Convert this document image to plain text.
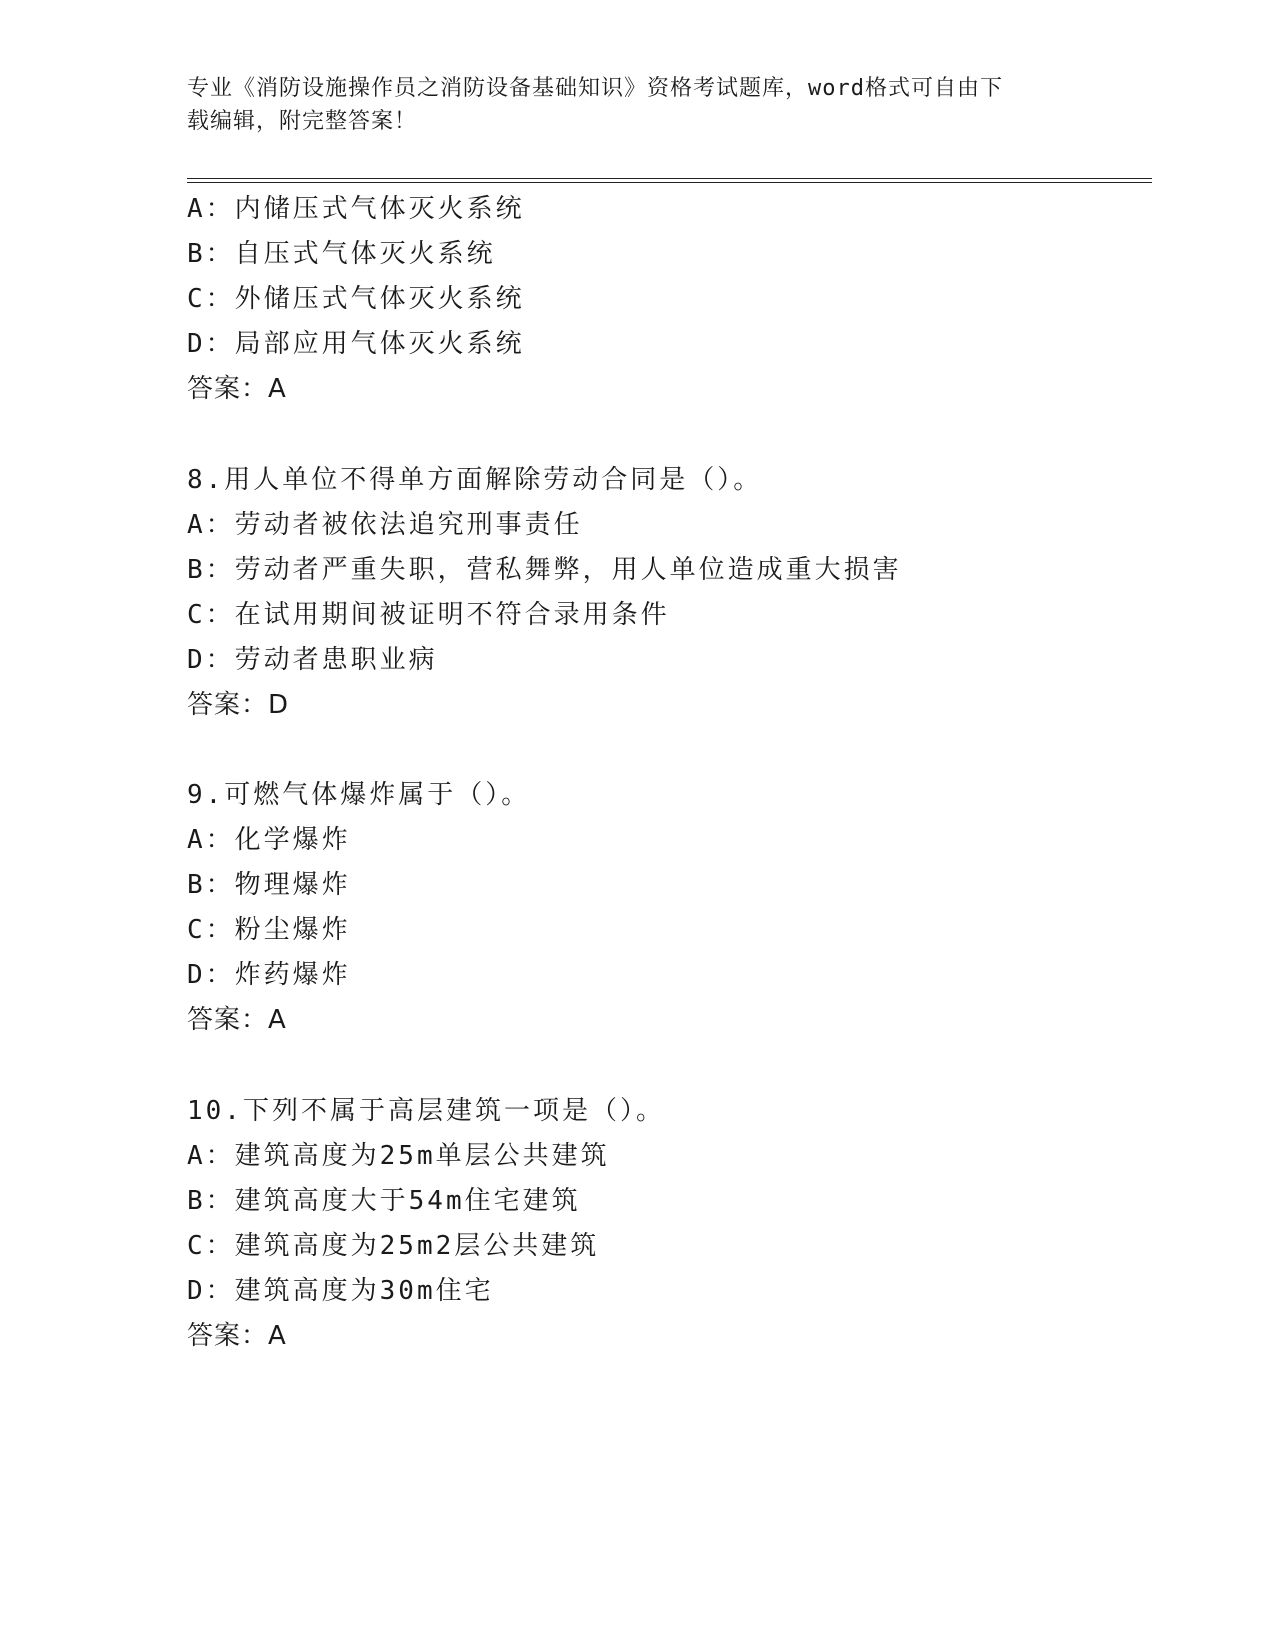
专业《消防设施操作员之消防设备基础知识》资格考试题库，word格式可自由下
载编辑，附完整答案！
A：内储压式气体灭火系统
B：自压式气体灭火系统
C：外储压式气体灭火系统
D：局部应用气体灭火系统
答案：A
8.用人单位不得单方面解除劳动合同是（）。
A：劳动者被依法追究刑事责任
B：劳动者严重失职，营私舞弊，用人单位造成重大损害
C：在试用期间被证明不符合录用条件
D：劳动者患职业病
答案：D
9.可燃气体爆炸属于（）。
A：化学爆炸
B：物理爆炸
C：粉尘爆炸
D：炸药爆炸
答案：A
10.下列不属于高层建筑一项是（）。
A：建筑高度为25m单层公共建筑
B：建筑高度大于54m住宅建筑
C：建筑高度为25m2层公共建筑
D：建筑高度为30m住宅
答案：A
